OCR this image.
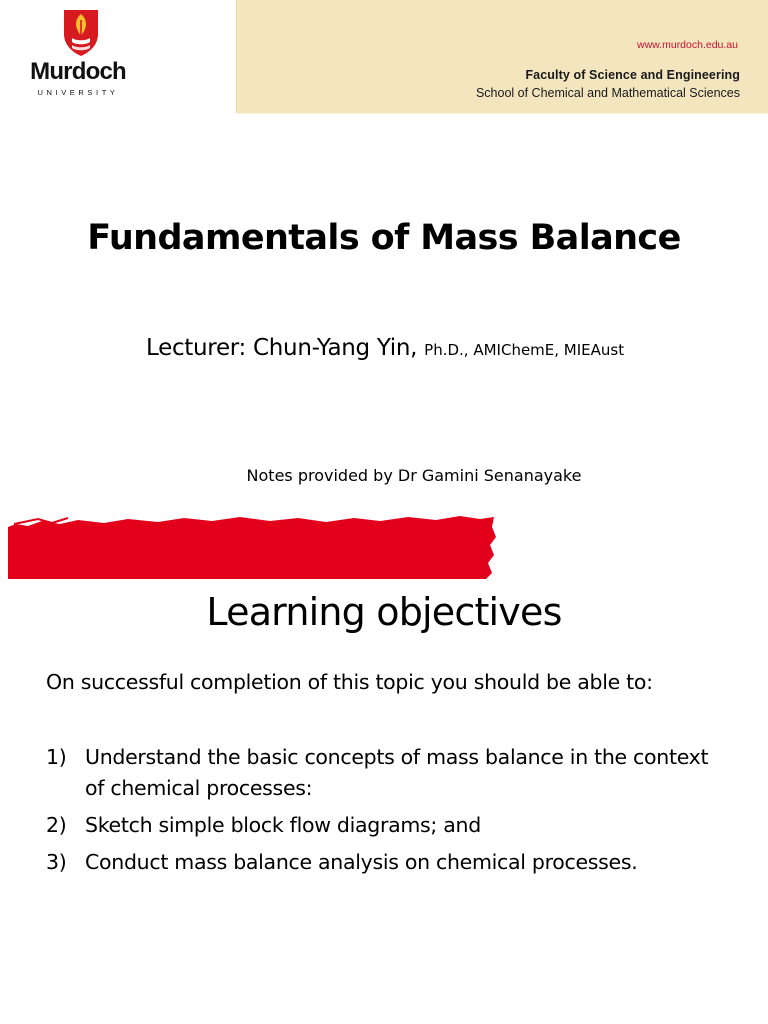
Murdoch
UNIVERSITY
www.murdoch.edu.au
Faculty of Science and Engineering
School of Chemical and Mathematical Sciences
Fundamentals of Mass Balance
Lecturer: Chun-Yang Yin, Ph.D., AMIChemE, MIEAust
Notes provided by Dr Gamini Senanayake
Learning objectives
On successful completion of this topic you should be able to:
1) Understand the basic concepts of mass balance in the context of chemical processes:
2) Sketch simple block flow diagrams; and
3) Conduct mass balance analysis on chemical processes.
